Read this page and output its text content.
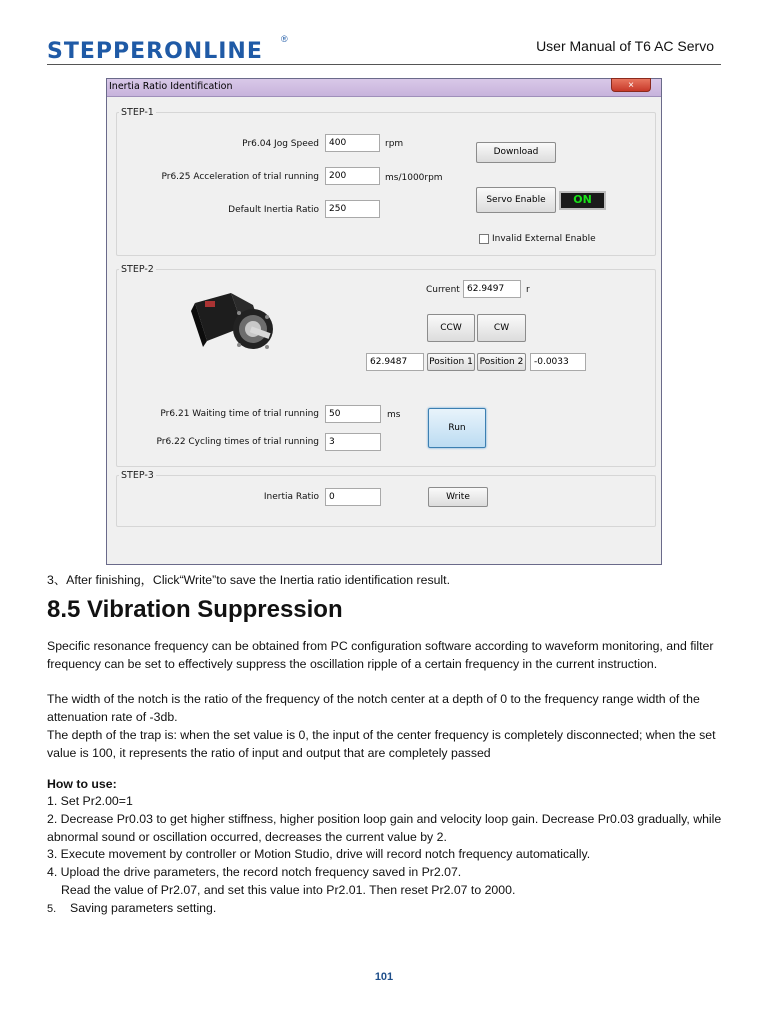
STEPPERONLINE ®	User Manual of T6 AC Servo
Inertia Ratio Identification	×
STEP-1
Pr6.04 Jog Speed	400	rpm
Pr6.25 Acceleration of trial running	200	ms/1000rpm
Default Inertia Ratio	250
Download
Servo Enable	ON
Invalid External Enable
STEP-2
Current 62.9497	r
CCW	CW
62.9487	Position 1 Position 2	-0.0033
Pr6.21 Waiting time of trial running	50	ms
Pr6.22 Cycling times of trial running	3
Run
STEP-3
Inertia Ratio	0	Write
3、After finishing，Click“Write”to save the Inertia ratio identification result.
8.5 Vibration Suppression
Specific resonance frequency can be obtained from PC configuration software according to waveform monitoring, and filter frequency can be set to effectively suppress the oscillation ripple of a certain frequency in the current instruction.
The width of the notch is the ratio of the frequency of the notch center at a depth of 0 to the frequency range width of the attenuation rate of -3db.
The depth of the trap is: when the set value is 0, the input of the center frequency is completely disconnected; when the set value is 100, it represents the ratio of input and output that are completely passed
How to use:
1. Set Pr2.00=1
2. Decrease Pr0.03 to get higher stiffness, higher position loop gain and velocity loop gain. Decrease Pr0.03 gradually, while abnormal sound or oscillation occurred, decreases the current value by 2.
3. Execute movement by controller or Motion Studio, drive will record notch frequency automatically.
4. Upload the drive parameters, the record notch frequency saved in Pr2.07.
Read the value of Pr2.07, and set this value into Pr2.01. Then reset Pr2.07 to 2000.
5.	Saving parameters setting.
101
